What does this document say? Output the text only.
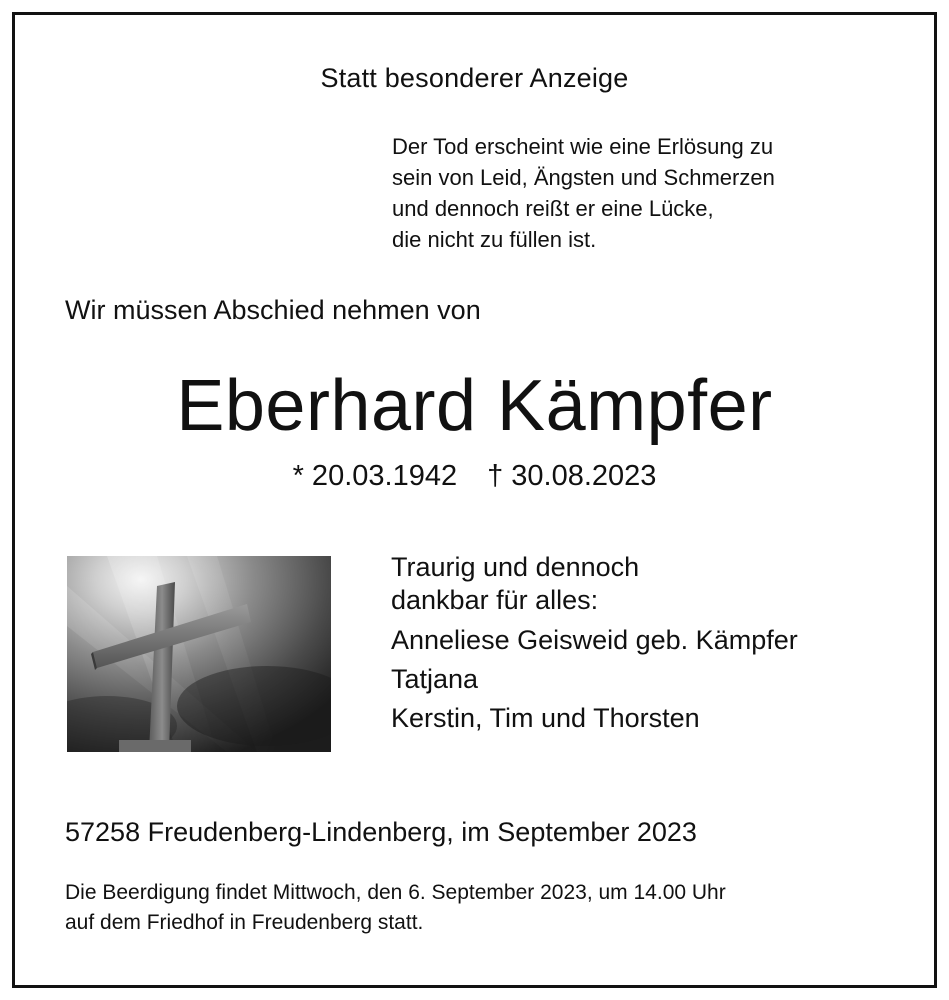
Statt besonderer Anzeige
Der Tod erscheint wie eine Erlösung zu
sein von Leid, Ängsten und Schmerzen
und dennoch reißt er eine Lücke,
die nicht zu füllen ist.
Wir müssen Abschied nehmen von
Eberhard Kämpfer
* 20.03.1942 † 30.08.2023
Traurig und dennoch
dankbar für alles:
Anneliese Geisweid geb. Kämpfer
Tatjana
Kerstin, Tim und Thorsten
57258 Freudenberg-Lindenberg, im September 2023
Die Beerdigung findet Mittwoch, den 6. September 2023, um 14.00 Uhr
auf dem Friedhof in Freudenberg statt.
